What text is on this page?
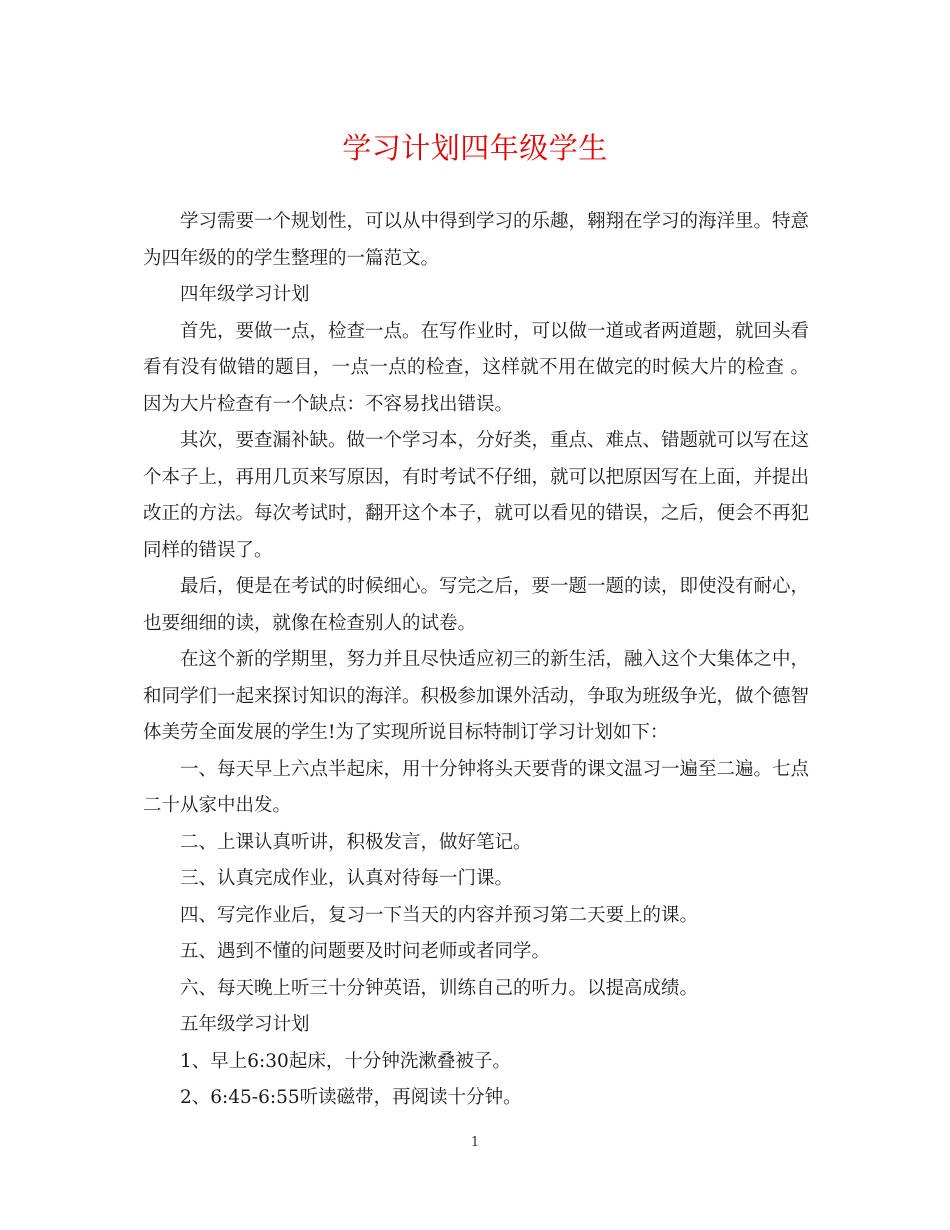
学习计划四年级学生

学习需要一个规划性，可以从中得到学习的乐趣，翱翔在学习的海洋里。特意为四年级的的学生整理的一篇范文。

四年级学习计划

首先，要做一点，检查一点。在写作业时，可以做一道或者两道题，就回头看看有没有做错的题目，一点一点的检查，这样就不用在做完的时候大片的检查 。因为大片检查有一个缺点：不容易找出错误。

其次，要查漏补缺。做一个学习本，分好类，重点、难点、错题就可以写在这个本子上，再用几页来写原因，有时考试不仔细，就可以把原因写在上面，并提出改正的方法。每次考试时，翻开这个本子，就可以看见的错误，之后，便会不再犯同样的错误了。

最后，便是在考试的时候细心。写完之后，要一题一题的读，即使没有耐心，也要细细的读，就像在检查别人的试卷。

在这个新的学期里，努力并且尽快适应初三的新生活，融入这个大集体之中，和同学们一起来探讨知识的海洋。积极参加课外活动，争取为班级争光，做个德智体美劳全面发展的学生!为了实现所说目标特制订学习计划如下：

一、每天早上六点半起床，用十分钟将头天要背的课文温习一遍至二遍。七点二十从家中出发。

二、上课认真听讲，积极发言，做好笔记。

三、认真完成作业，认真对待每一门课。

四、写完作业后，复习一下当天的内容并预习第二天要上的课。

五、遇到不懂的问题要及时问老师或者同学。

六、每天晚上听三十分钟英语，训练自己的听力。以提高成绩。

五年级学习计划

1、早上6:30起床，十分钟洗漱叠被子。

2、6:45-6:55听读磁带，再阅读十分钟。

1
